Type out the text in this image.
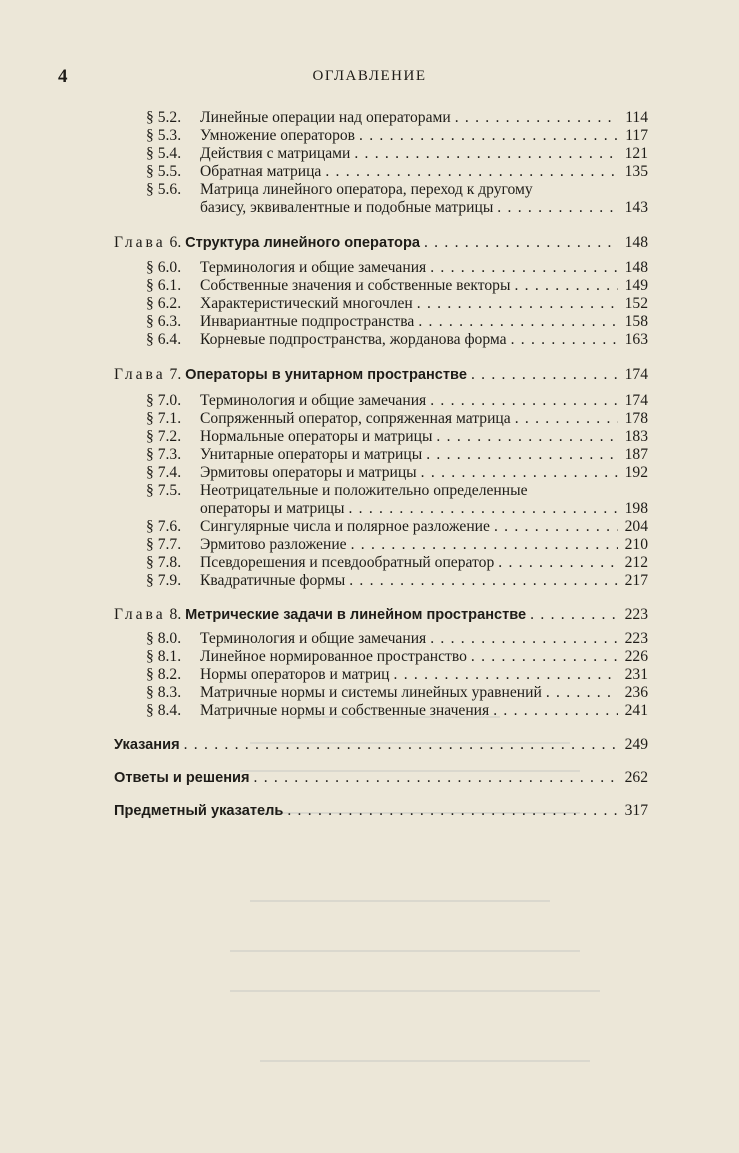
4	ОГЛАВЛЕНИЕ
§ 5.2.	Линейные операции над операторами . . .	114
§ 5.3.	Умножение операторов . . .	117
§ 5.4.	Действия с матрицами . . .	121
§ 5.5.	Обратная матрица . . .	135
§ 5.6.	Матрица линейного оператора, переход к другому
базису, эквивалентные и подобные матрицы . . .	143
Глава 6. Структура линейного оператора . . .	148
§ 6.0.	Терминология и общие замечания . . .	148
§ 6.1.	Собственные значения и собственные векторы . . .	149
§ 6.2.	Характеристический многочлен . . .	152
§ 6.3.	Инвариантные подпространства . . .	158
§ 6.4.	Корневые подпространства, жорданова форма . . .	163
Глава 7. Операторы в унитарном пространстве . . .	174
§ 7.0.	Терминология и общие замечания . . .	174
§ 7.1.	Сопряженный оператор, сопряженная матрица . . .	178
§ 7.2.	Нормальные операторы и матрицы . . .	183
§ 7.3.	Унитарные операторы и матрицы . . .	187
§ 7.4.	Эрмитовы операторы и матрицы . . .	192
§ 7.5.	Неотрицательные и положительно определенные
операторы и матрицы . . .	198
§ 7.6.	Сингулярные числа и полярное разложение . . .	204
§ 7.7.	Эрмитово разложение . . .	210
§ 7.8.	Псевдорешения и псевдообратный оператор . . .	212
§ 7.9.	Квадратичные формы . . .	217
Глава 8. Метрические задачи в линейном пространстве . . .	223
§ 8.0.	Терминология и общие замечания . . .	223
§ 8.1.	Линейное нормированное пространство . . .	226
§ 8.2.	Нормы операторов и матриц . . .	231
§ 8.3.	Матричные нормы и системы линейных уравнений . . .	236
§ 8.4.	Матричные нормы и собственные значения . . .	241
Указания . . .	249
Ответы и решения . . .	262
Предметный указатель . . .	317
